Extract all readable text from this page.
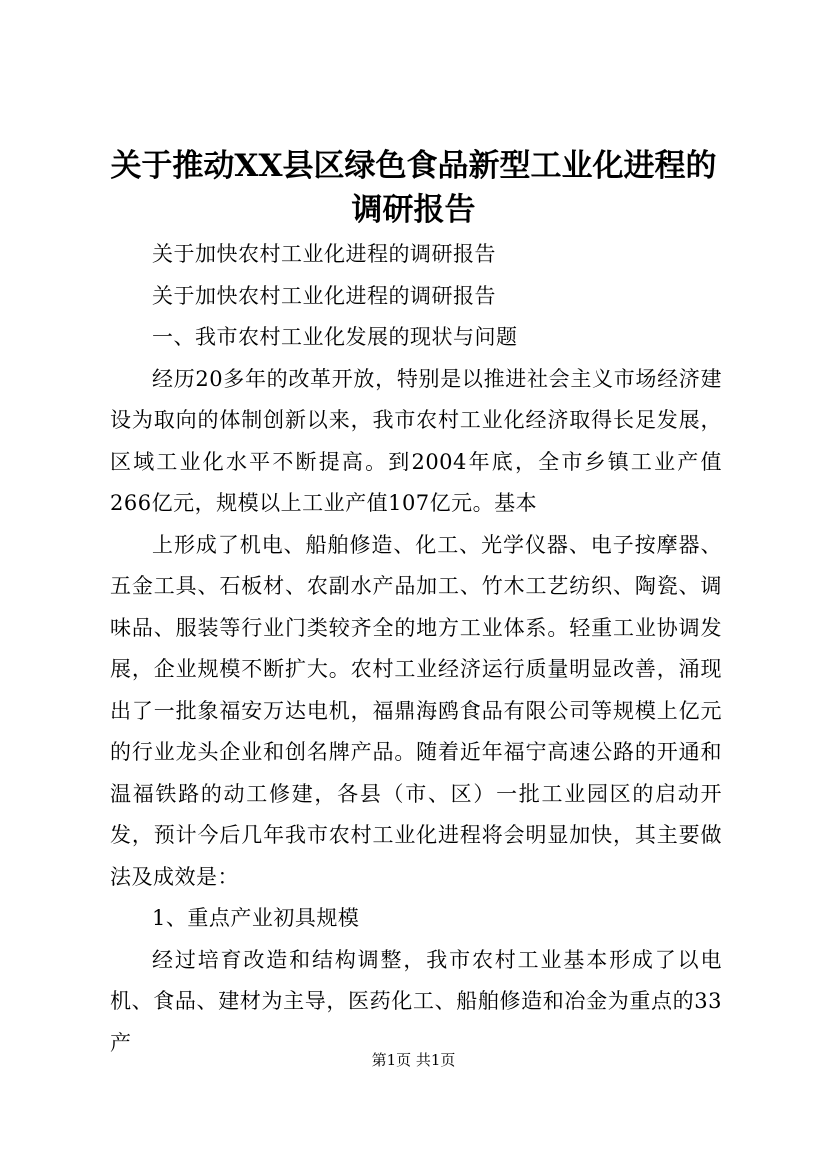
关于推动XX县区绿色食品新型工业化进程的调研报告

关于加快农村工业化进程的调研报告

关于加快农村工业化进程的调研报告

一、我市农村工业化发展的现状与问题

经历20多年的改革开放，特别是以推进社会主义市场经济建设为取向的体制创新以来，我市农村工业化经济取得长足发展，区域工业化水平不断提高。到2004年底，全市乡镇工业产值266亿元，规模以上工业产值107亿元。基本

上形成了机电、船舶修造、化工、光学仪器、电子按摩器、五金工具、石板材、农副水产品加工、竹木工艺纺织、陶瓷、调味品、服装等行业门类较齐全的地方工业体系。轻重工业协调发展，企业规模不断扩大。农村工业经济运行质量明显改善，涌现出了一批象福安万达电机，福鼎海鸥食品有限公司等规模上亿元的行业龙头企业和创名牌产品。随着近年福宁高速公路的开通和温福铁路的动工修建，各县（市、区）一批工业园区的启动开发，预计今后几年我市农村工业化进程将会明显加快，其主要做法及成效是：

1、重点产业初具规模

经过培育改造和结构调整，我市农村工业基本形成了以电机、食品、建材为主导，医药化工、船舶修造和冶金为重点的33产

第1页 共1页
